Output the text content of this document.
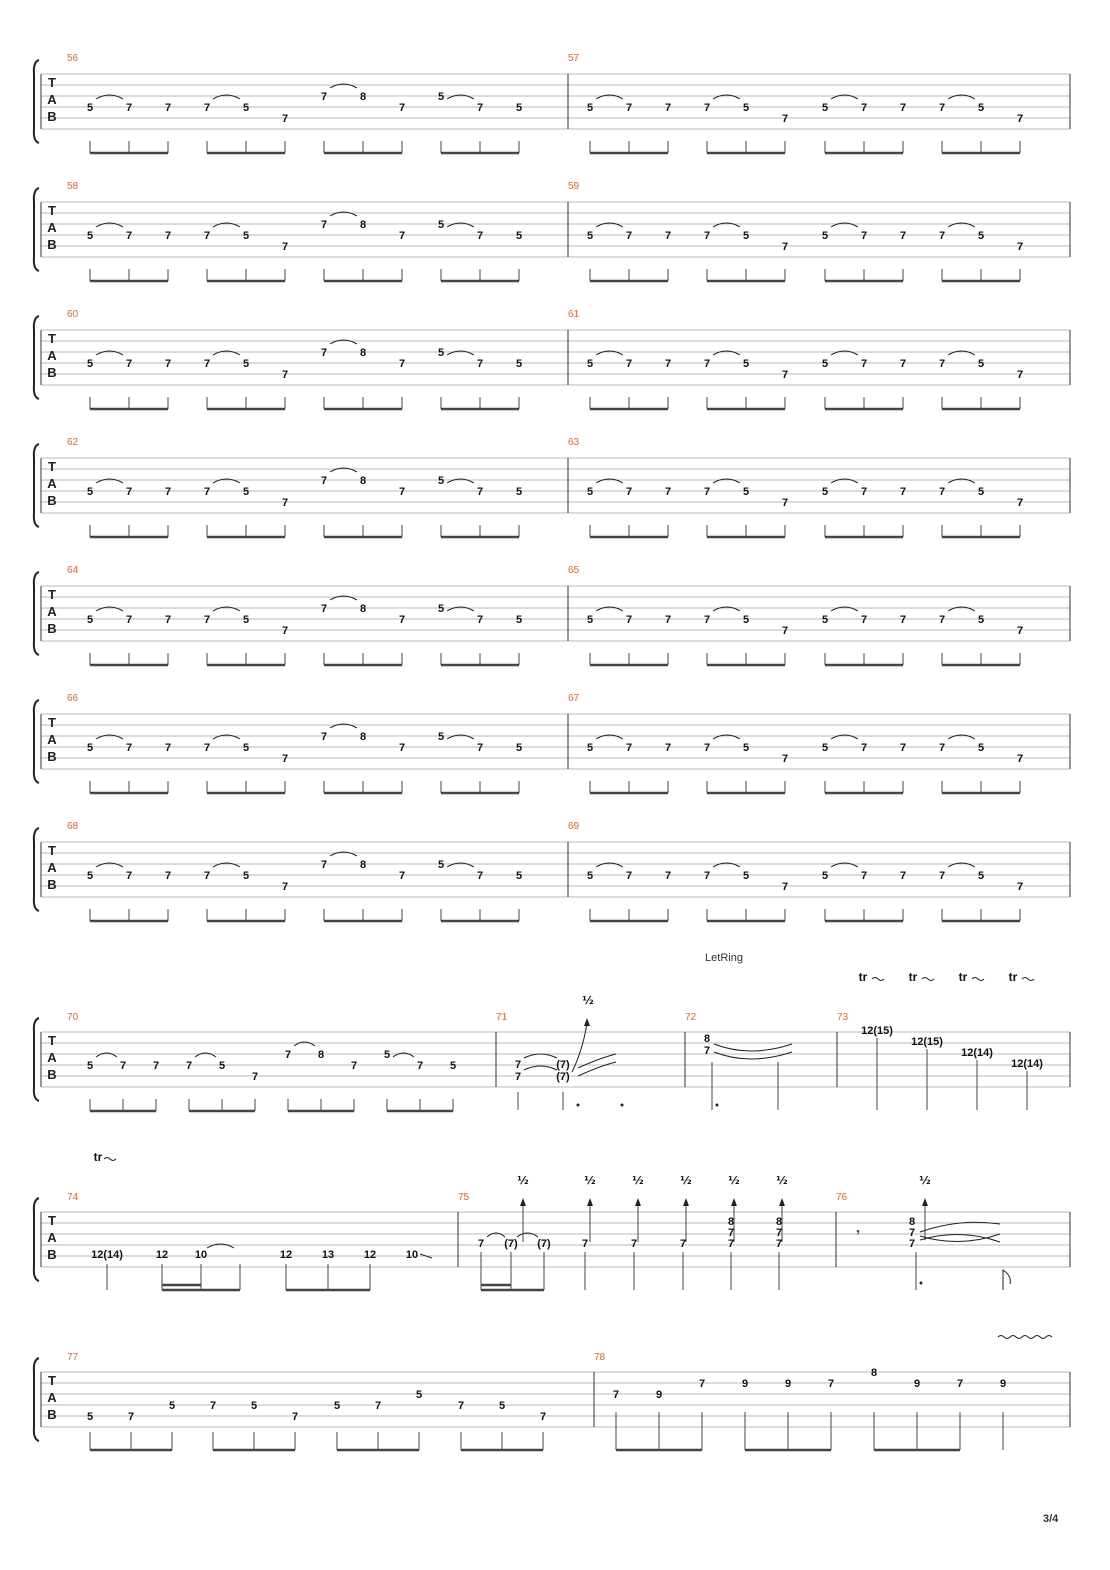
T
A
B
56	57
5	7	7	7	5
7
7	8
7
5
7	5	5	7	7	7	5
7
5	7	7	7	5
7
T
A
B
58	59
5	7	7	7	5
7
7	8
7
5
7	5	5	7	7	7	5
7
5	7	7	7	5
7
T
A
B
60	61
5	7	7	7	5
7
7	8
7
5
7	5	5	7	7	7	5
7
5	7	7	7	5
7
T
A
B
62	63
5	7	7	7	5
7
7	8
7
5
7	5	5	7	7	7	5
7
5	7	7	7	5
7
T
A
B
64	65
5	7	7	7	5
7
7	8
7
5
7	5	5	7	7	7	5
7
5	7	7	7	5
7
T
A
B
66	67
5	7	7	7	5
7
7	8
7
5
7	5	5	7	7	7	5
7
5	7	7	7	5
7
T
A
B
68	69
5	7	7	7	5
7
7	8
7
5
7	5	5	7	7	7	5
7
5	7	7	7	5
7
T
A
B
70	71	72	73
5 7 7 7 5
7
7 8
7
5
7 5	7
7
(7)
(7)
½
8
7
LetRing
12(15)
tr
12(15)
tr
12(14)
tr
12(14)
tr
T
A
B
74	75	76
tr
12(14)	12 10	12	13	12	10
7 (7) (7)	7	7	7
8
7
7
8
7
7
½	½	½	½	½	½
𝄾
8
7
7
½
T
A
B
77	78
5	7
5	7	5
7
5	7
5
7	5
7
7	9
7	9	9	7
8
9	7	9
3/4
